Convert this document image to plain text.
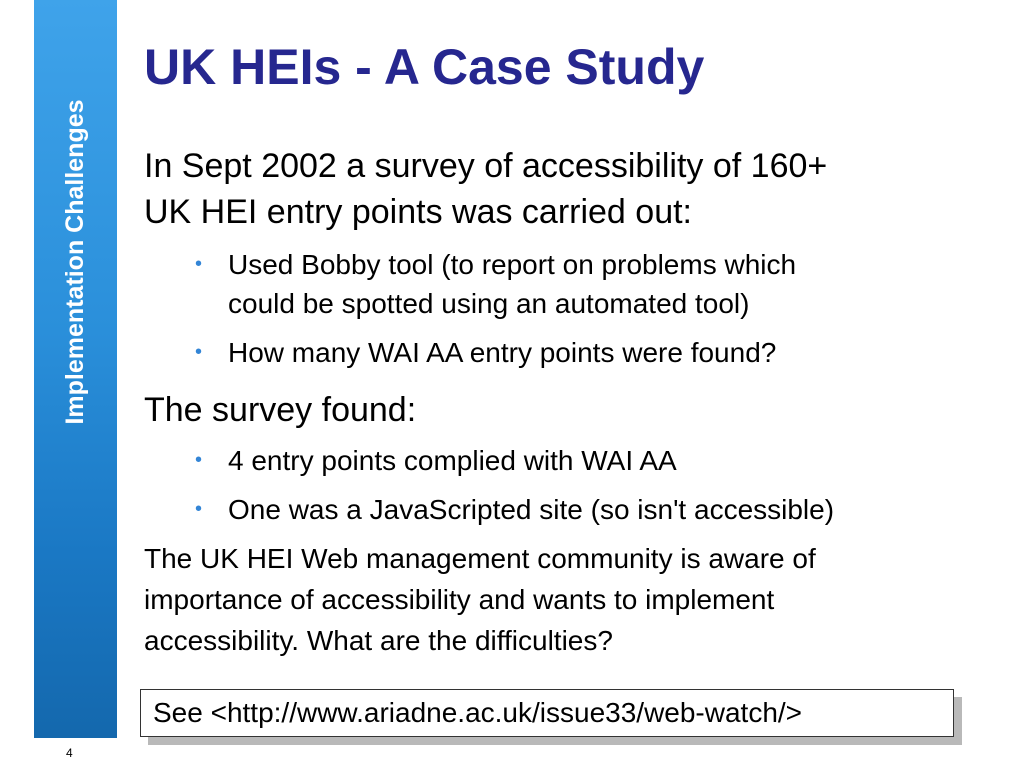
Implementation Challenges
4
UK HEIs - A Case Study
In Sept 2002 a survey of accessibility of 160+
UK HEI entry points was carried out:
• Used Bobby tool (to report on problems which
could be spotted using an automated tool)
• How many WAI AA entry points were found?
The survey found:
• 4 entry points complied with WAI AA
• One was a JavaScripted site (so isn't accessible)
The UK HEI Web management community is aware of
importance of accessibility and wants to implement
accessibility. What are the difficulties?
See <http://www.ariadne.ac.uk/issue33/web-watch/>
